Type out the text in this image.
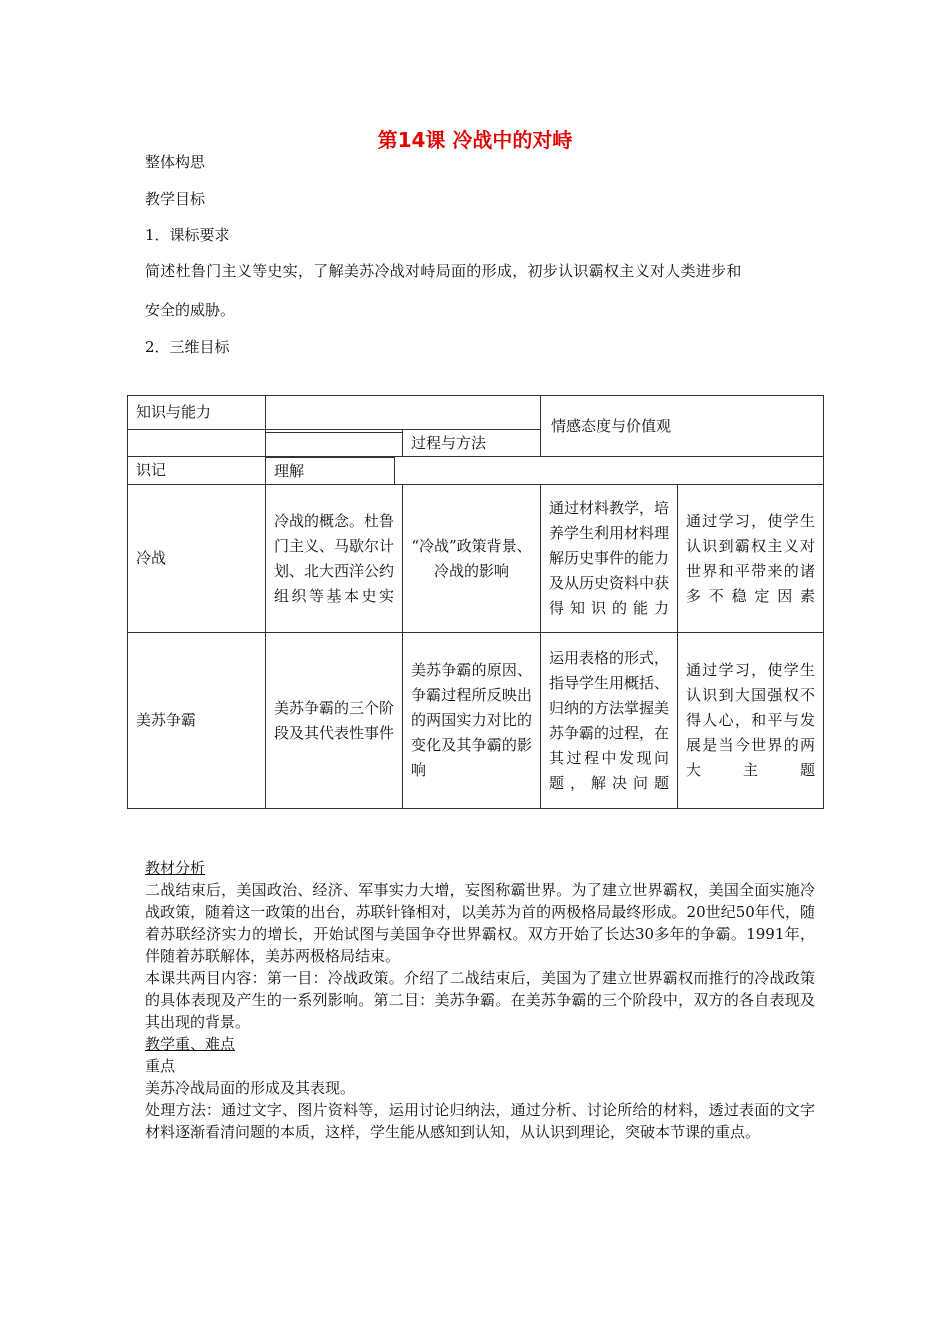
第14课 冷战中的对峙
整体构思
教学目标
1．课标要求
简述杜鲁门主义等史实，了解美苏冷战对峙局面的形成，初步认识霸权主义对人类进步和
安全的威胁。
2．三维目标
知识与能力			情感态度与价值观	
		过程与方法		

识记	理解			

冷战	冷战的概念。杜鲁门主义、马歇尔计划、北大西洋公约组织等基本史实	“冷战”政策背景、冷战的影响	通过材料教学，培养学生利用材料理解历史事件的能力及从历史资料中获得知识的能力	通过学习，使学生认识到霸权主义对世界和平带来的诸多不稳定因素
美苏争霸	美苏争霸的三个阶段及其代表性事件	美苏争霸的原因、争霸过程所反映出的两国实力对比的变化及其争霸的影响	运用表格的形式，指导学生用概括、归纳的方法掌握美苏争霸的过程，在其过程中发现问题，解决问题	通过学习，使学生认识到大国强权不得人心，和平与发展是当今世界的两大主题

教材分析

二战结束后，美国政治、经济、军事实力大增，妄图称霸世界。为了建立世界霸权，美国全面实施冷战政策，随着这一政策的出台，苏联针锋相对，以美苏为首的两极格局最终形成。20世纪50年代，随着苏联经济实力的增长，开始试图与美国争夺世界霸权。双方开始了长达30多年的争霸。1991年，伴随着苏联解体，美苏两极格局结束。

本课共两目内容：第一目：冷战政策。介绍了二战结束后，美国为了建立世界霸权而推行的冷战政策的具体表现及产生的一系列影响。第二目：美苏争霸。在美苏争霸的三个阶段中，双方的各自表现及其出现的背景。

教学重、难点

重点

美苏冷战局面的形成及其表现。

处理方法：通过文字、图片资料等，运用讨论归纳法，通过分析、讨论所给的材料，透过表面的文字材料逐渐看清问题的本质，这样，学生能从感知到认知，从认识到理论，突破本节课的重点。
